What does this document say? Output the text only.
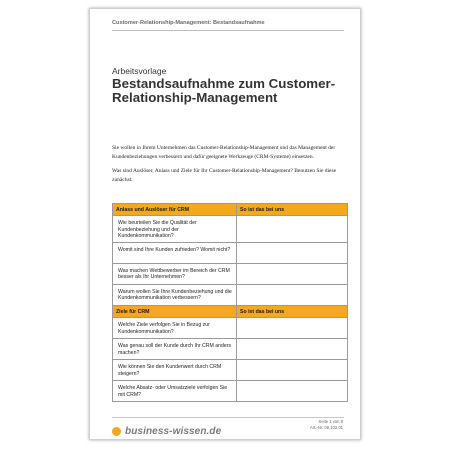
Customer-Relationship-Management: Bestandsaufnahme
Arbeitsvorlage
Bestandsaufnahme zum Customer-Relationship-Management

Sie wollen in Ihrem Unternehmen das Customer-Relationship-Management und das Management der Kundenbeziehungen verbessern und dafür geeignete Werkzeuge (CRM-Systeme) einsetzen.

Was sind Auslöser, Anlass und Ziele für Ihr Customer-Relationship-Management? Benutzen Sie diese zunächst.

Anlass und Auslöser für CRM	So ist das bei uns
Wie beurteilen Sie die Qualität der Kundenbeziehung und der Kundenkommunikation?	
Womit sind Ihre Kunden zufrieden? Womit nicht?	
Was machen Wettbewerber im Bereich der CRM besser als Ihr Unternehmen?	
Warum wollen Sie Ihre Kundenbeziehung und die Kundenkommunikation verbessern?	
Ziele für CRM	So ist das bei uns
Welche Ziele verfolgen Sie in Bezug zur Kundenkommunikation?	
Was genau soll der Kunde durch Ihr CRM anders machen?	
Wie können Sie den Kundenwert durch CRM steigern?	
Welche Absatz- oder Umsatzziele verfolgen Sie mit CRM?	
business-wissen.de
Seite 1 von 8
Art.-Nr. 08.102.01
